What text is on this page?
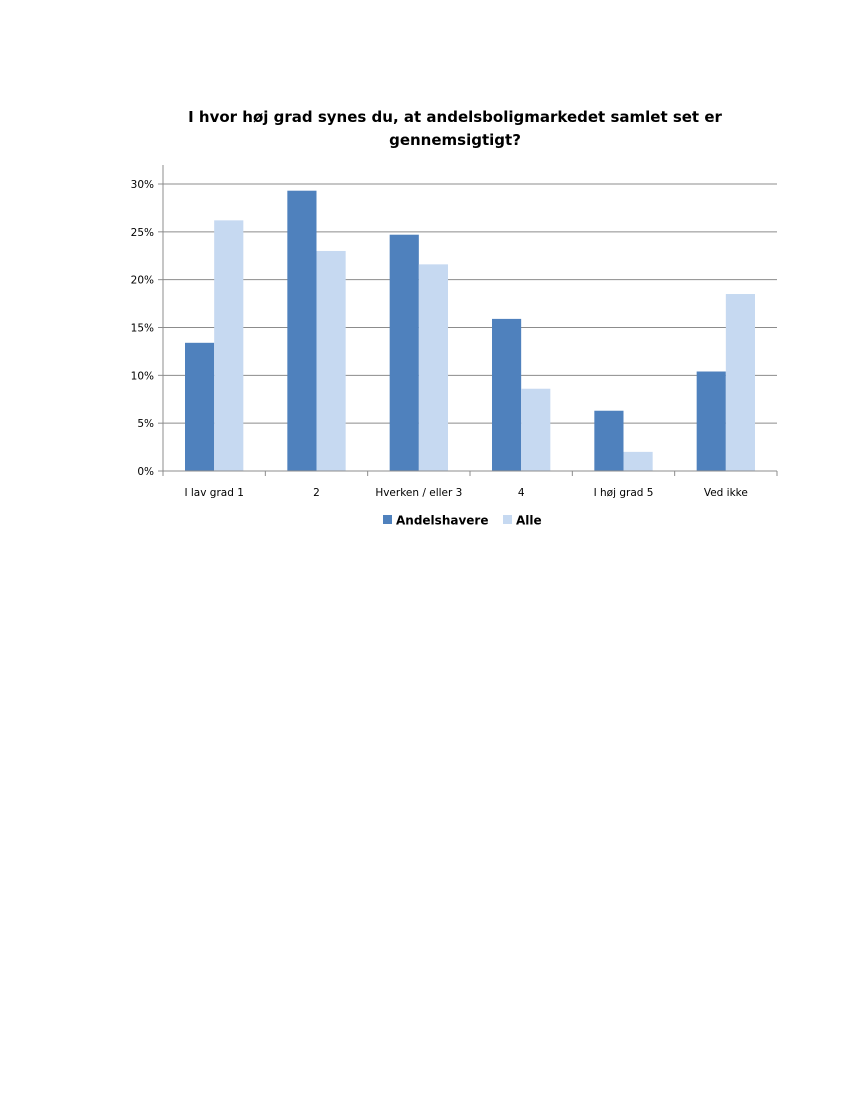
I hvor høj grad synes du, at andelsboligmarkedet samlet set er
gennemsigtigt?
0%
5%
10%
15%
20%
25%
30%
I lav grad 1	2	Hverken / eller 3	4	I høj grad 5	Ved ikke
Andelshavere Alle
